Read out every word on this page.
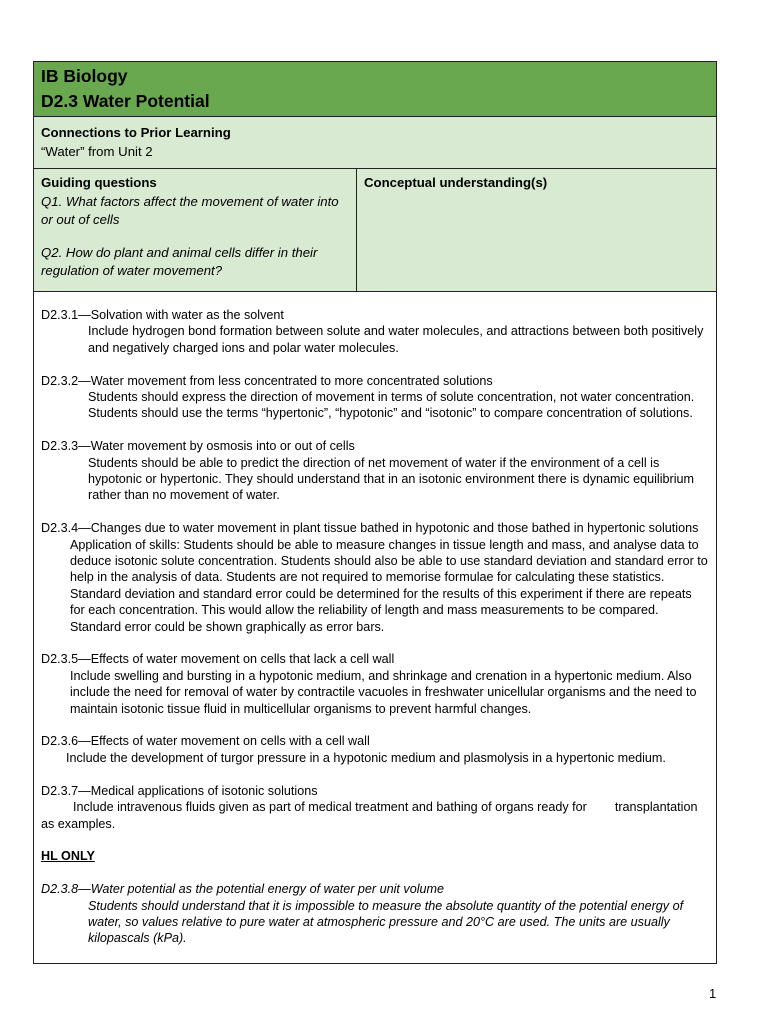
IB Biology
D2.3 Water Potential
Connections to Prior Learning
“Water” from Unit 2
Guiding questions
Q1. What factors affect the movement of water into or out of cells
Q2. How do plant and animal cells differ in their regulation of water movement?
Conceptual understanding(s)
D2.3.1—Solvation with water as the solvent
Include hydrogen bond formation between solute and water molecules, and attractions between both positively and negatively charged ions and polar water molecules.
D2.3.2—Water movement from less concentrated to more concentrated solutions
Students should express the direction of movement in terms of solute concentration, not water concentration. Students should use the terms “hypertonic”, “hypotonic” and “isotonic” to compare concentration of solutions.
D2.3.3—Water movement by osmosis into or out of cells
Students should be able to predict the direction of net movement of water if the environment of a cell is hypotonic or hypertonic. They should understand that in an isotonic environment there is dynamic equilibrium rather than no movement of water.
D2.3.4—Changes due to water movement in plant tissue bathed in hypotonic and those bathed in hypertonic solutions
Application of skills: Students should be able to measure changes in tissue length and mass, and analyse data to deduce isotonic solute concentration. Students should also be able to use standard deviation and standard error to help in the analysis of data. Students are not required to memorise formulae for calculating these statistics. Standard deviation and standard error could be determined for the results of this experiment if there are repeats for each concentration. This would allow the reliability of length and mass measurements to be compared. Standard error could be shown graphically as error bars.
D2.3.5—Effects of water movement on cells that lack a cell wall
Include swelling and bursting in a hypotonic medium, and shrinkage and crenation in a hypertonic medium. Also include the need for removal of water by contractile vacuoles in freshwater unicellular organisms and the need to maintain isotonic tissue fluid in multicellular organisms to prevent harmful changes.
D2.3.6—Effects of water movement on cells with a cell wall
Include the development of turgor pressure in a hypotonic medium and plasmolysis in a hypertonic medium.
D2.3.7—Medical applications of isotonic solutions
Include intravenous fluids given as part of medical treatment and bathing of organs ready for        transplantation as examples.
HL ONLY
D2.3.8—Water potential as the potential energy of water per unit volume
Students should understand that it is impossible to measure the absolute quantity of the potential energy of water, so values relative to pure water at atmospheric pressure and 20°C are used. The units are usually kilopascals (kPa).
1
